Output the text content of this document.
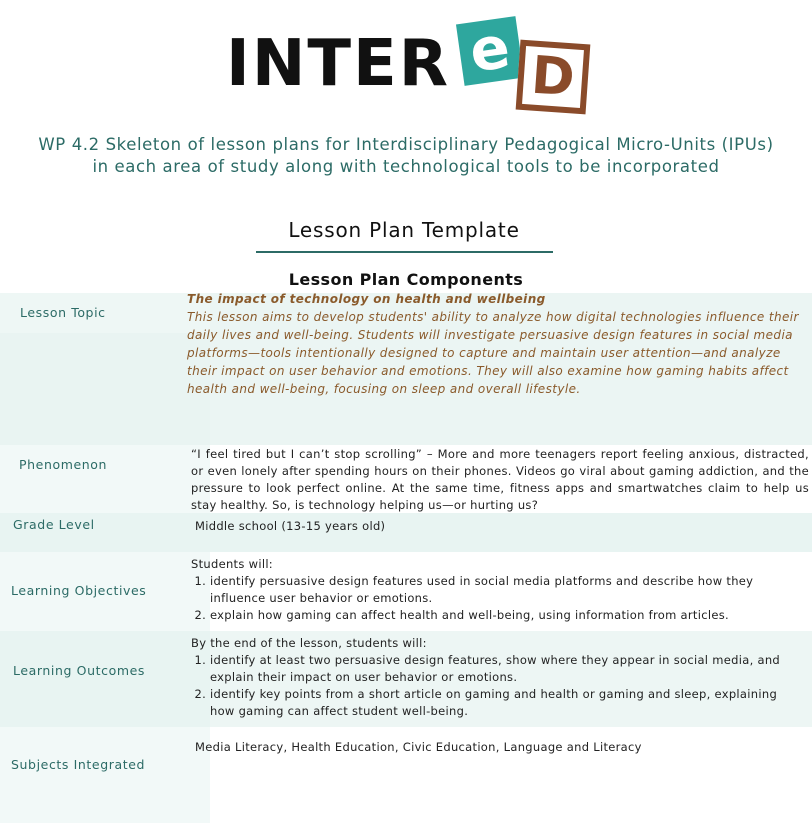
INTER e D
WP 4.2 Skeleton of lesson plans for Interdisciplinary Pedagogical Micro-Units (IPUs) in each area of study along with technological tools to be incorporated
Lesson Plan Template
Lesson Plan Components
Lesson Topic
The impact of technology on health and wellbeing
This lesson aims to develop students' ability to analyze how digital technologies influence their daily lives and well-being. Students will investigate persuasive design features in social media platforms—tools intentionally designed to capture and maintain user attention—and analyze their impact on user behavior and emotions. They will also examine how gaming habits affect health and well-being, focusing on sleep and overall lifestyle.
Phenomenon
“I feel tired but I can’t stop scrolling” – More and more teenagers report feeling anxious, distracted, or even lonely after spending hours on their phones. Videos go viral about gaming addiction, and the pressure to look perfect online. At the same time, fitness apps and smartwatches claim to help us stay healthy. So, is technology helping us—or hurting us?
Grade Level	Middle school (13-15 years old)
Learning Objectives
Students will:
1. identify persuasive design features used in social media platforms and describe how they influence user behavior or emotions.
2. explain how gaming can affect health and well-being, using information from articles.
Learning Outcomes
By the end of the lesson, students will:
1. identify at least two persuasive design features, show where they appear in social media, and explain their impact on user behavior or emotions.
2. identify key points from a short article on gaming and health or gaming and sleep, explaining how gaming can affect student well-being.
Subjects Integrated
Media Literacy, Health Education, Civic Education, Language and Literacy
